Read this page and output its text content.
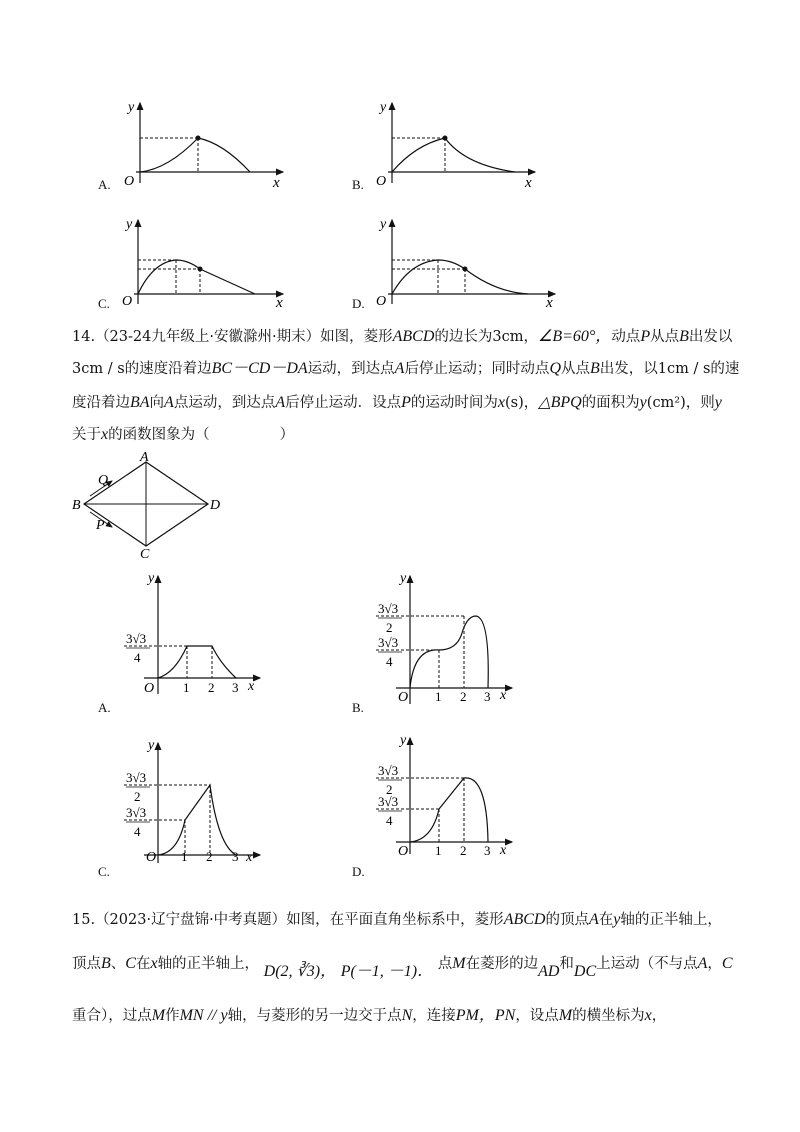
O	x
y
A.	O	x
y
B.
O	x
y
C.	O	x
y
D.
14.（23-24九年级上·安徽滁州·期末）如图，菱形ABCD的边长为3cm，∠B=60°，动点P从点B出发以
3cm / s的速度沿着边BC－CD－DA运动，到达点A后停止运动；同时动点Q从点B出发，以1cm / s的速
度沿着边BA向A点运动，到达点A后停止运动．设点P的运动时间为x(s)，△BPQ的面积为y(cm²)，则y
关于x的函数图象为（	）
A
B
C
D
Q
P
3√3
4
O 1 2 3 x
y
A.
3√3
2
3√3
4
O 1 2 3 x
y
B.
3√3
2
3√3
4
O 1 2 3 x
y
C.
3√3
2
3√3
4
O 1 2 3 x
y
D.
15.（2023·辽宁盘锦·中考真题）如图，在平面直角坐标系中，菱形ABCD的顶点A在y轴的正半轴上，
顶点B、C在x轴的正半轴上， D(2, ∛3)， P(－1, －1)． 点M在菱形的边AD和DC上运动（不与点A，C
重合），过点M作MN // y轴，与菱形的另一边交于点N，连接PM，PN，设点M的横坐标为x，
